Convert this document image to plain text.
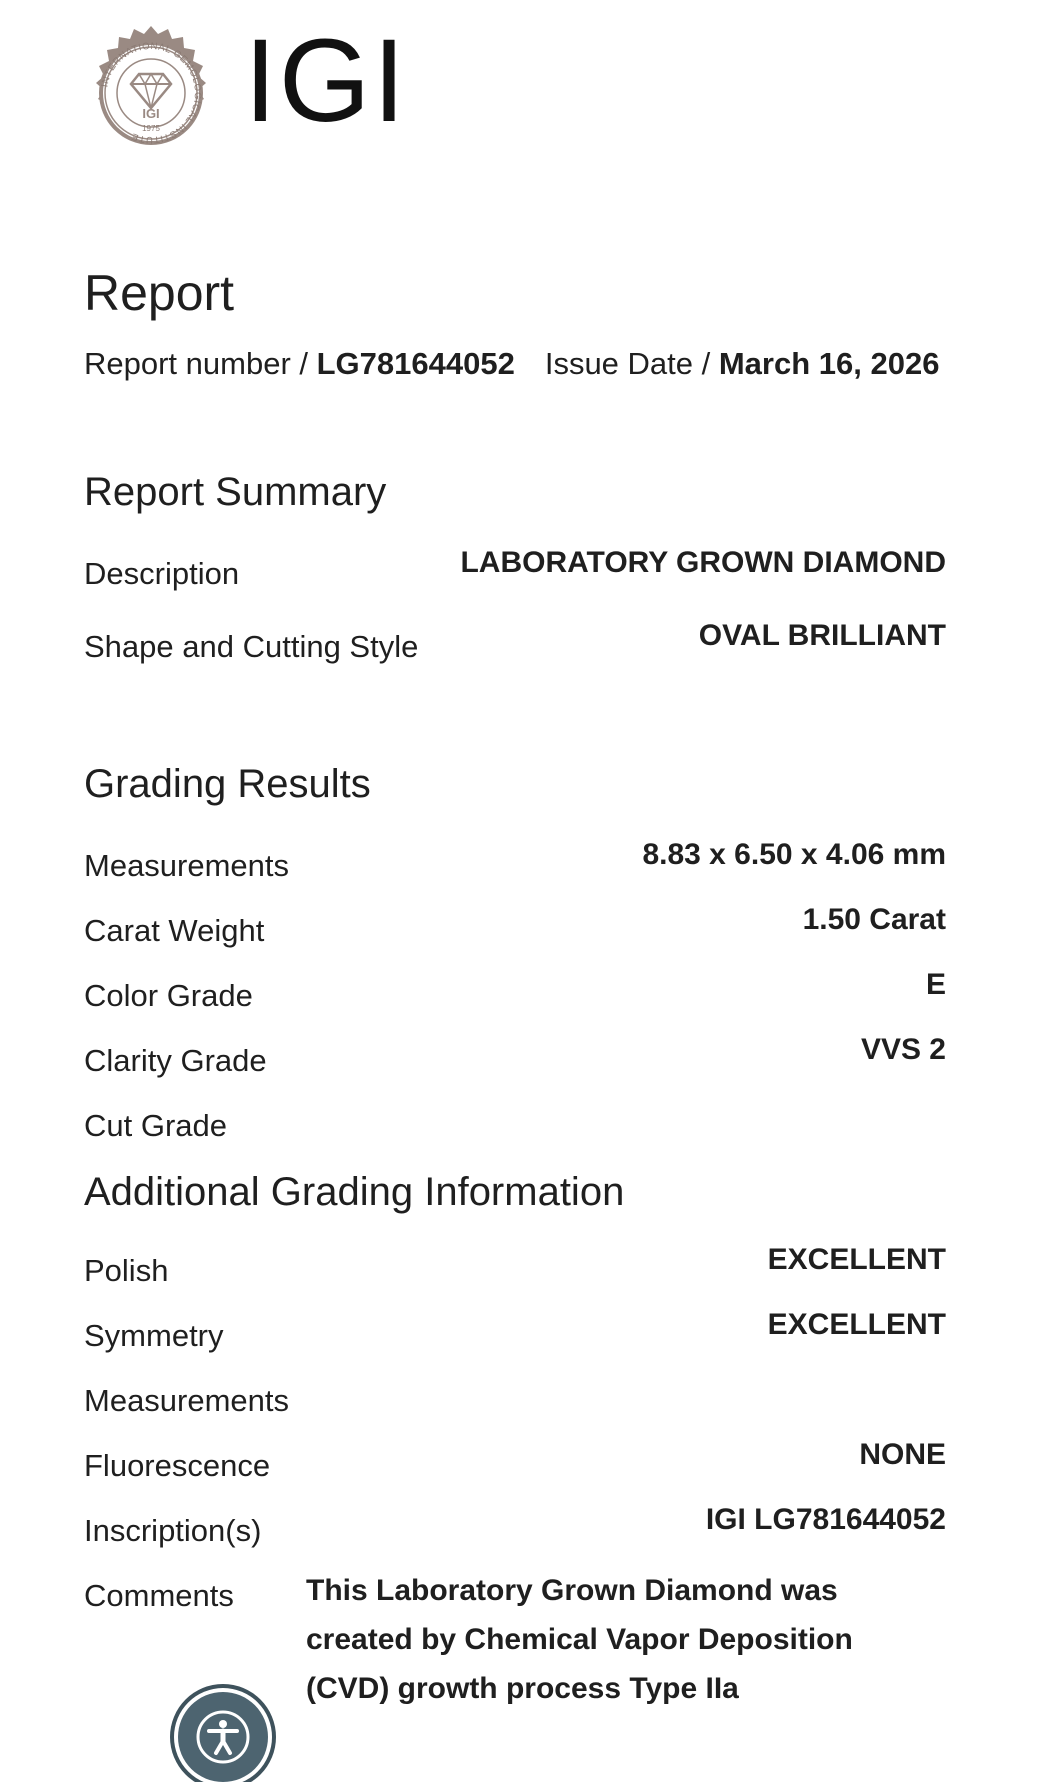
INTERNATIONAL GEMOLOGICAL INSTITUTE
IGI
1975 IGI
Report
Report number / LG781644052 Issue Date / March 16, 2026
Report Summary
Description	LABORATORY GROWN DIAMOND
Shape and Cutting Style	OVAL BRILLIANT
Grading Results
Measurements	8.83 x 6.50 x 4.06 mm
Carat Weight	1.50 Carat
Color Grade	E
Clarity Grade	VVS 2
Cut Grade
Additional Grading Information
Polish	EXCELLENT
Symmetry	EXCELLENT
Measurements
Fluorescence	NONE
Inscription(s)	IGI LG781644052
Comments This Laboratory Grown Diamond was created by Chemical Vapor Deposition (CVD) growth process Type IIa
